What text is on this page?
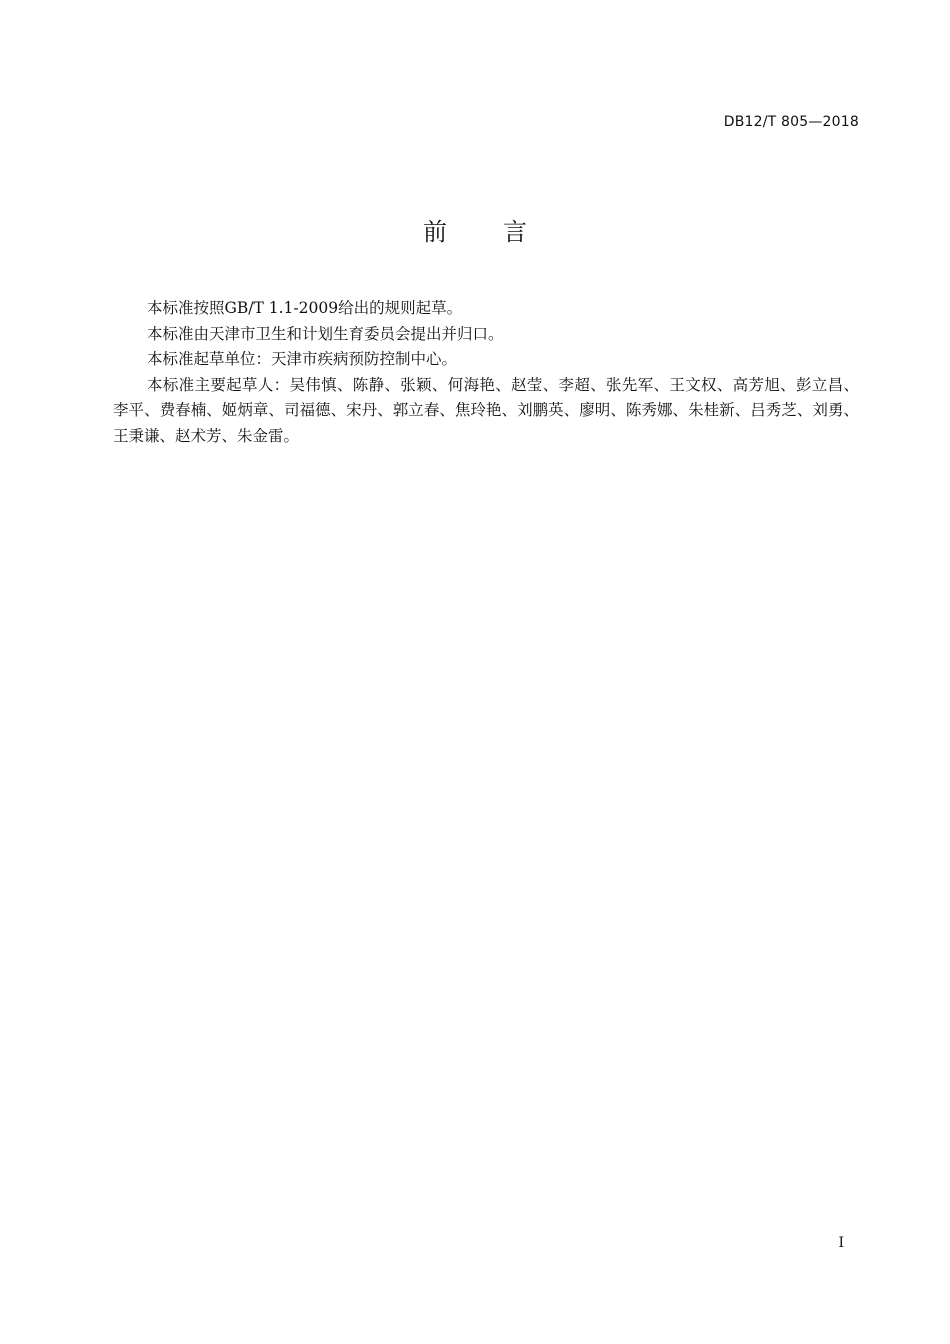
DB12/T 805—2018
前 言

本标准按照GB/T 1.1-2009给出的规则起草。

本标准由天津市卫生和计划生育委员会提出并归口。

本标准起草单位：天津市疾病预防控制中心。

本标准主要起草人：吴伟慎、陈静、张颖、何海艳、赵莹、李超、张先军、王文权、高芳旭、彭立昌、李平、费春楠、姬炳章、司福德、宋丹、郭立春、焦玲艳、刘鹏英、廖明、陈秀娜、朱桂新、吕秀芝、刘勇、王秉谦、赵术芳、朱金雷。

I
